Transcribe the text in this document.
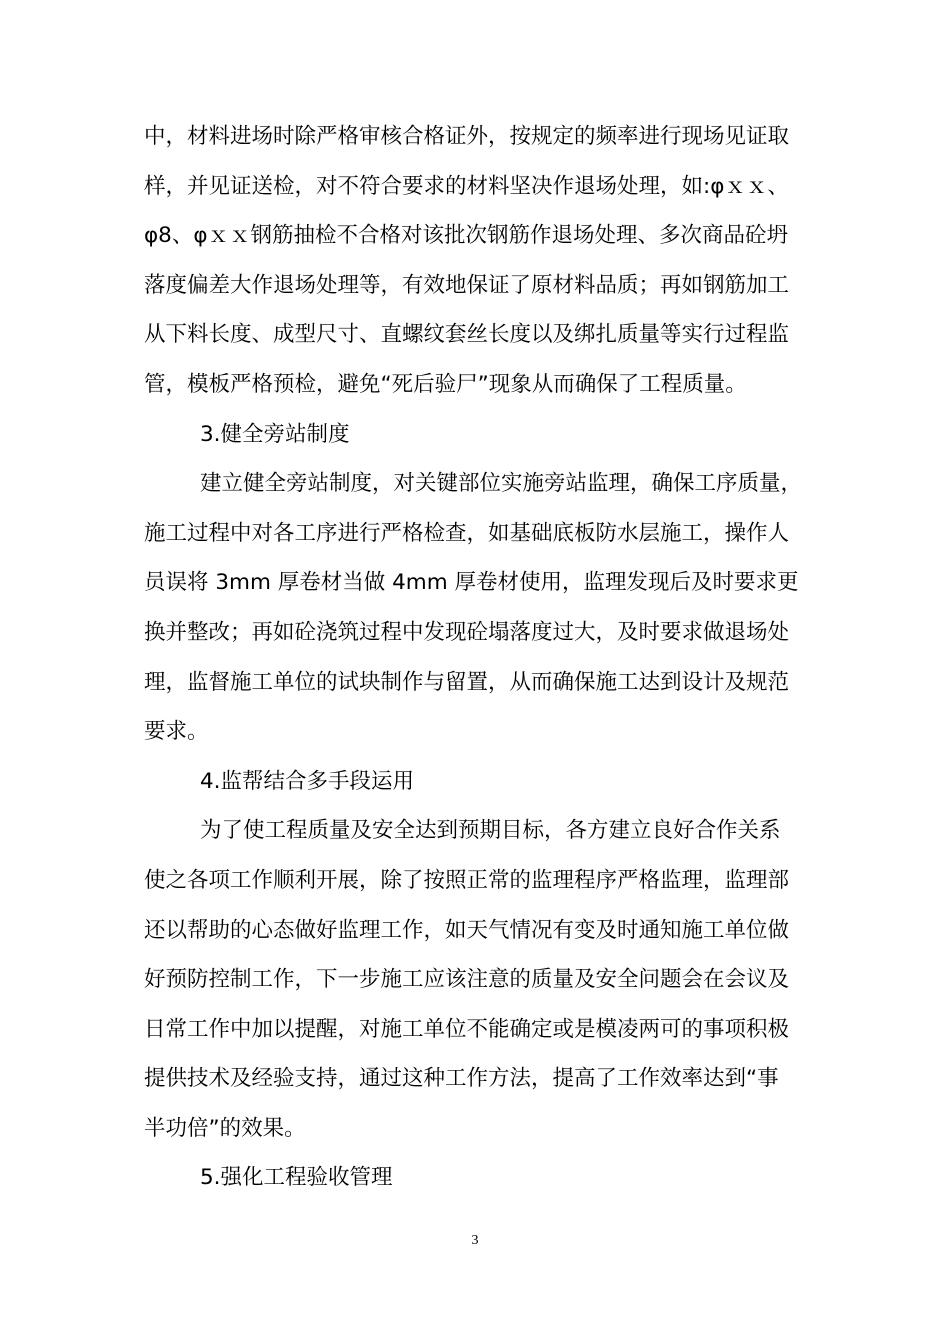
中，材料进场时除严格审核合格证外，按规定的频率进行现场见证取
样，并见证送检，对不符合要求的材料坚决作退场处理，如:φｘｘ、
φ8、φｘｘ钢筋抽检不合格对该批次钢筋作退场处理、多次商品砼坍
落度偏差大作退场处理等，有效地保证了原材料品质；再如钢筋加工
从下料长度、成型尺寸、直螺纹套丝长度以及绑扎质量等实行过程监
管，模板严格预检，避免“死后验尸”现象从而确保了工程质量。
3.健全旁站制度
建立健全旁站制度，对关键部位实施旁站监理，确保工序质量，
施工过程中对各工序进行严格检查，如基础底板防水层施工，操作人
员误将 3mm 厚卷材当做 4mm 厚卷材使用，监理发现后及时要求更
换并整改；再如砼浇筑过程中发现砼塌落度过大，及时要求做退场处
理，监督施工单位的试块制作与留置，从而确保施工达到设计及规范
要求。
4.监帮结合多手段运用
为了使工程质量及安全达到预期目标，各方建立良好合作关系
使之各项工作顺利开展，除了按照正常的监理程序严格监理，监理部
还以帮助的心态做好监理工作，如天气情况有变及时通知施工单位做
好预防控制工作，下一步施工应该注意的质量及安全问题会在会议及
日常工作中加以提醒，对施工单位不能确定或是模凌两可的事项积极
提供技术及经验支持，通过这种工作方法，提高了工作效率达到“事
半功倍”的效果。
5.强化工程验收管理
3
